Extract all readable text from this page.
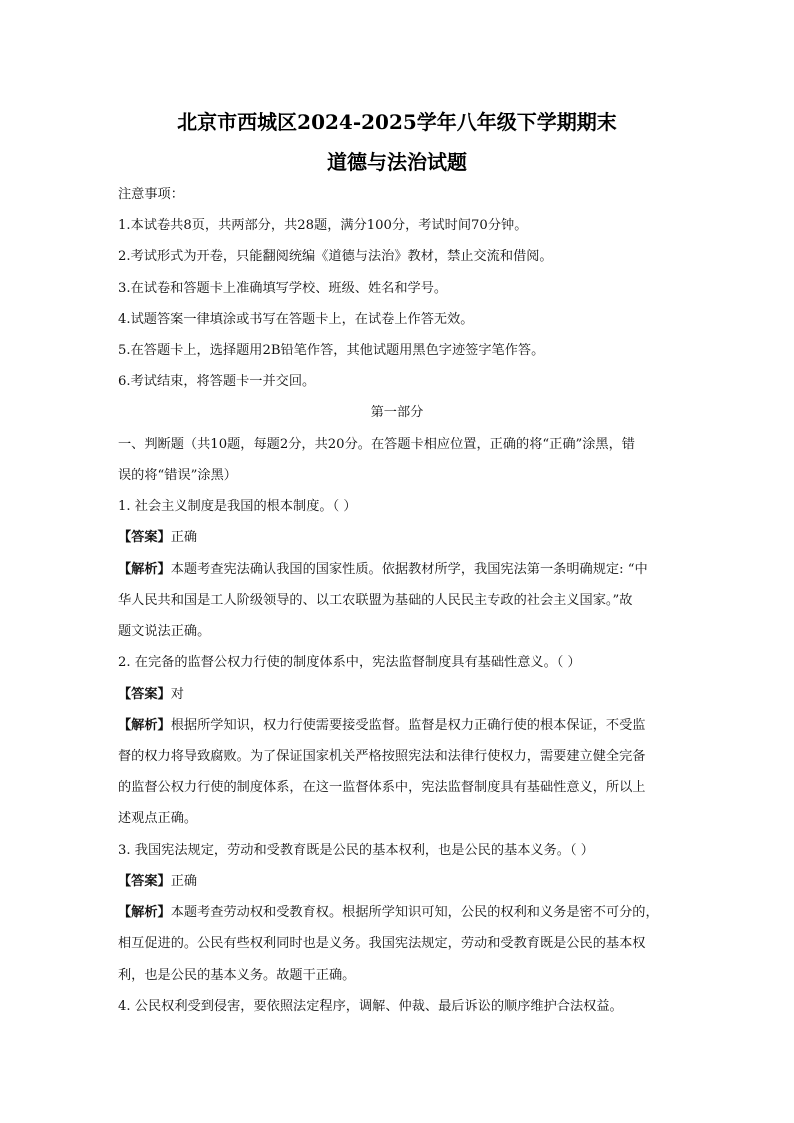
北京市西城区2024-2025学年八年级下学期期末
道德与法治试题
注意事项：
1.本试卷共8页，共两部分，共28题，满分100分，考试时间70分钟。
2.考试形式为开卷，只能翻阅统编《道德与法治》教材，禁止交流和借阅。
3.在试卷和答题卡上准确填写学校、班级、姓名和学号。
4.试题答案一律填涂或书写在答题卡上，在试卷上作答无效。
5.在答题卡上，选择题用2B铅笔作答，其他试题用黑色字迹签字笔作答。
6.考试结束，将答题卡一并交回。
第一部分
一、判断题（共10题，每题2分，共20分。在答题卡相应位置，正确的将“正确”涂黑，错
误的将“错误”涂黑）
1. 社会主义制度是我国的根本制度。（ ）
【答案】正确
【解析】本题考查宪法确认我国的国家性质。依据教材所学，我国宪法第一条明确规定: “中
华人民共和国是工人阶级领导的、以工农联盟为基础的人民民主专政的社会主义国家。”故
题文说法正确。
2. 在完备的监督公权力行使的制度体系中，宪法监督制度具有基础性意义。（ ）
【答案】对
【解析】根据所学知识，权力行使需要接受监督。监督是权力正确行使的根本保证，不受监
督的权力将导致腐败。为了保证国家机关严格按照宪法和法律行使权力，需要建立健全完备
的监督公权力行使的制度体系，在这一监督体系中，宪法监督制度具有基础性意义，所以上
述观点正确。
3. 我国宪法规定，劳动和受教育既是公民的基本权利，也是公民的基本义务。（ ）
【答案】正确
【解析】本题考查劳动权和受教育权。根据所学知识可知，公民的权利和义务是密不可分的，
相互促进的。公民有些权利同时也是义务。我国宪法规定，劳动和受教育既是公民的基本权
利，也是公民的基本义务。故题干正确。
4. 公民权利受到侵害，要依照法定程序，调解、仲裁、最后诉讼的顺序维护合法权益。
